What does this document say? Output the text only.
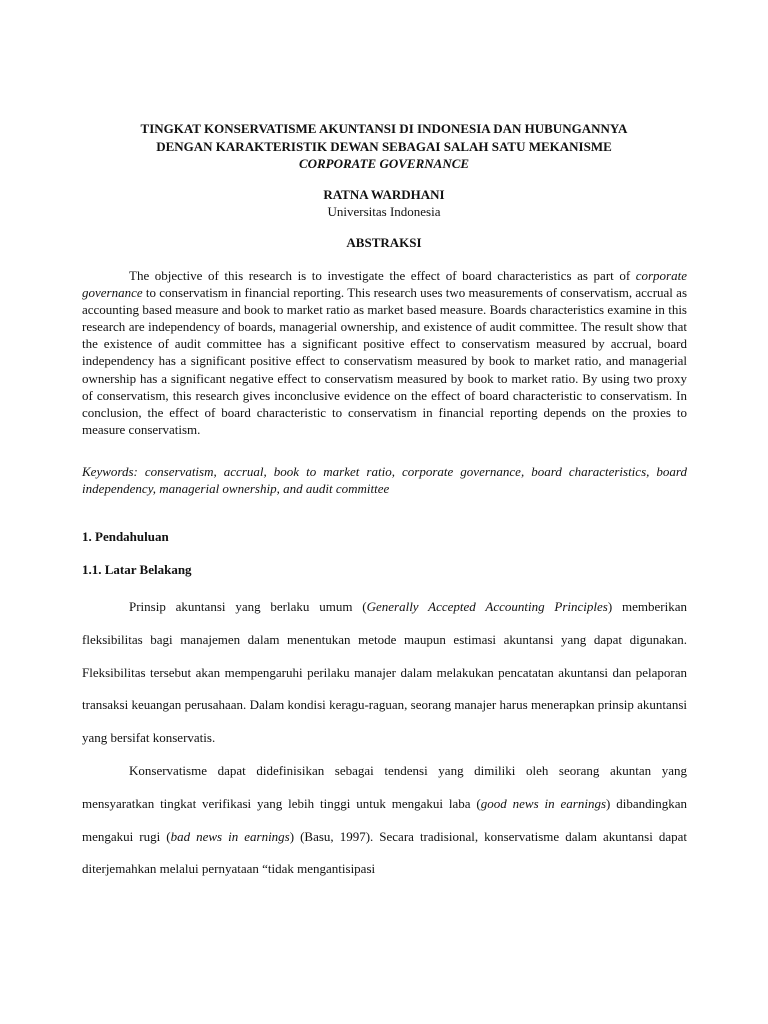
TINGKAT KONSERVATISME AKUNTANSI DI INDONESIA DAN HUBUNGANNYA
DENGAN KARAKTERISTIK DEWAN SEBAGAI SALAH SATU MEKANISME
CORPORATE GOVERNANCE
RATNA WARDHANI
Universitas Indonesia
ABSTRAKSI

The objective of this research is to investigate the effect of board characteristics as part of corporate governance to conservatism in financial reporting. This research uses two measurements of conservatism, accrual as accounting based measure and book to market ratio as market based measure. Boards characteristics examine in this research are independency of boards, managerial ownership, and existence of audit committee. The result show that the existence of audit committee has a significant positive effect to conservatism measured by accrual, board independency has a significant positive effect to conservatism measured by book to market ratio, and managerial ownership has a significant negative effect to conservatism measured by book to market ratio. By using two proxy of conservatism, this research gives inconclusive evidence on the effect of board characteristic to conservatism. In conclusion, the effect of board characteristic to conservatism in financial reporting depends on the proxies to measure conservatism.

Keywords: conservatism, accrual, book to market ratio, corporate governance, board characteristics, board independency, managerial ownership, and audit committee
1. Pendahuluan
1.1. Latar Belakang

Prinsip akuntansi yang berlaku umum (Generally Accepted Accounting Principles) memberikan fleksibilitas bagi manajemen dalam menentukan metode maupun estimasi akuntansi yang dapat digunakan. Fleksibilitas tersebut akan mempengaruhi perilaku manajer dalam melakukan pencatatan akuntansi dan pelaporan transaksi keuangan perusahaan. Dalam kondisi keragu-raguan, seorang manajer harus menerapkan prinsip akuntansi yang bersifat konservatis.

Konservatisme dapat didefinisikan sebagai tendensi yang dimiliki oleh seorang akuntan yang mensyaratkan tingkat verifikasi yang lebih tinggi untuk mengakui laba (good news in earnings) dibandingkan mengakui rugi (bad news in earnings) (Basu, 1997). Secara tradisional, konservatisme dalam akuntansi dapat diterjemahkan melalui pernyataan “tidak mengantisipasi
